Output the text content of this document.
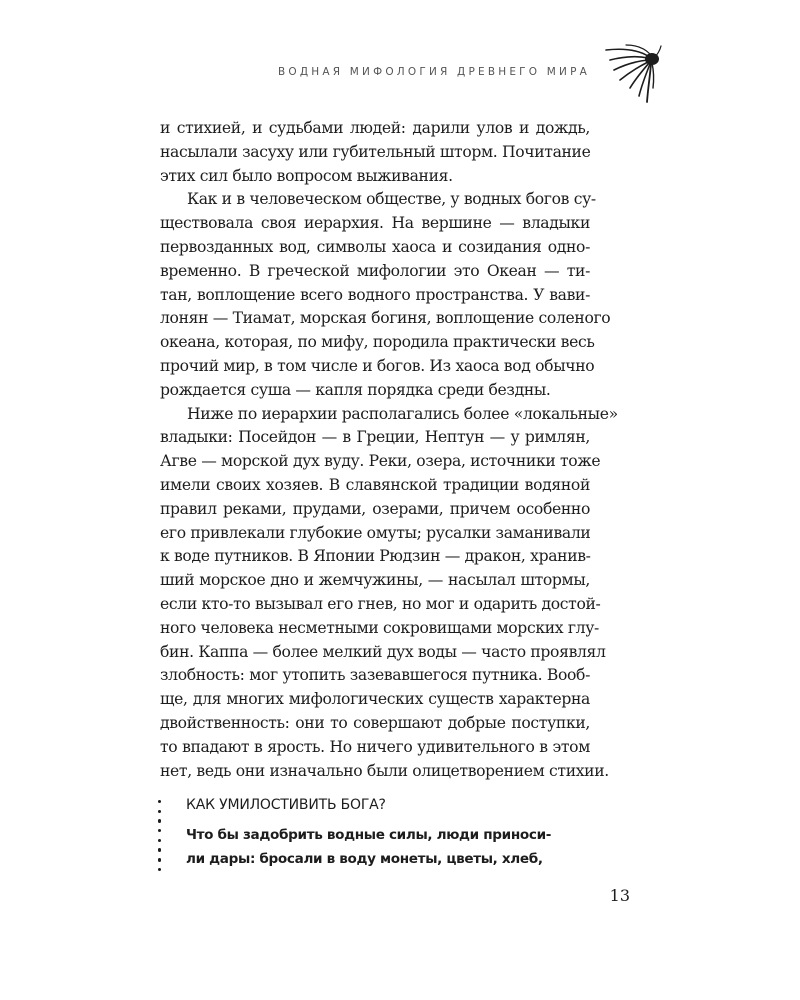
ВОДНАЯ МИФОЛОГИЯ ДРЕВНЕГО МИРА
и стихией, и судьбами людей: дарили улов и дождь,
насылали засуху или губительный шторм. Почитание
этих сил было вопросом выживания.
Как и в человеческом обществе, у водных богов су-
ществовала своя иерархия. На вершине — владыки
первозданных вод, символы хаоса и созидания одно-
временно. В греческой мифологии это Океан — ти-
тан, воплощение всего водного пространства. У вави-
лонян — Тиамат, морская богиня, воплощение соленого
океана, которая, по мифу, породила практически весь
прочий мир, в том числе и богов. Из хаоса вод обычно
рождается суша — капля порядка среди бездны.
Ниже по иерархии располагались более «локальные»
владыки: Посейдон — в Греции, Нептун — у римлян,
Агве — морской дух вуду. Реки, озера, источники тоже
имели своих хозяев. В славянской традиции водяной
правил реками, прудами, озерами, причем особенно
его привлекали глубокие омуты; русалки заманивали
к воде путников. В Японии Рюдзин — дракон, хранив-
ший морское дно и жемчужины, — насылал штормы,
если кто-то вызывал его гнев, но мог и одарить достой-
ного человека несметными сокровищами морских глу-
бин. Каппа — более мелкий дух воды — часто проявлял
злобность: мог утопить зазевавшегося путника. Вооб-
ще, для многих мифологических существ характерна
двойственность: они то совершают добрые поступки,
то впадают в ярость. Но ничего удивительного в этом
нет, ведь они изначально были олицетворением стихии.
КАК УМИЛОСТИВИТЬ БОГА?
Что бы задобрить водные силы, люди приноси-
ли дары: бросали в воду монеты, цветы, хлеб,
13
